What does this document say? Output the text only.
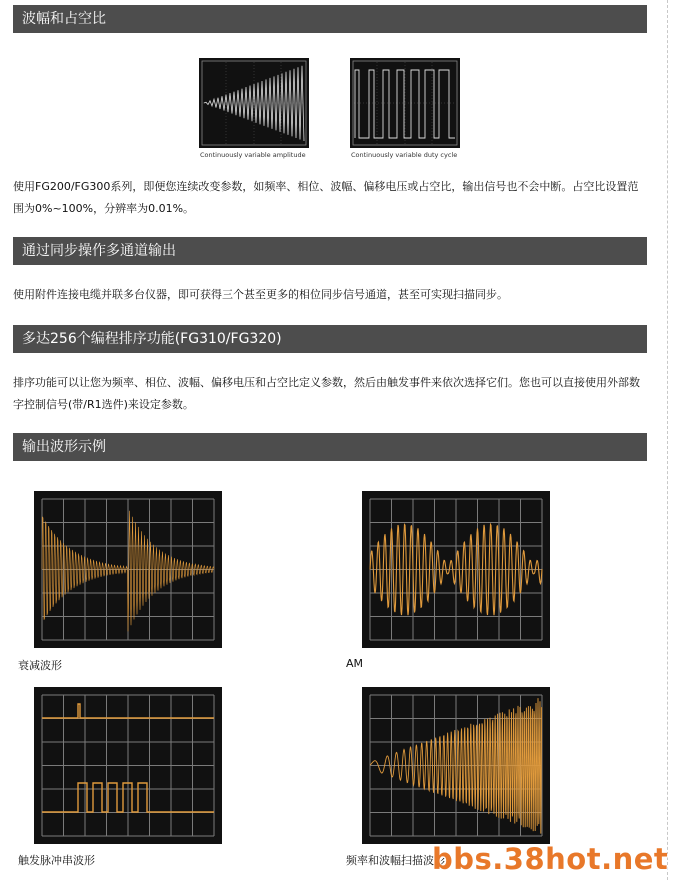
波幅和占空比
Continuously variable amplitude	Continuously variable duty cycle
使用FG200/FG300系列，即便您连续改变参数，如频率、相位、波幅、偏移电压或占空比，输出信号也不会中断。占空比设置范围为0%~100%，分辨率为0.01%。
通过同步操作多通道输出
使用附件连接电缆并联多台仪器，即可获得三个甚至更多的相位同步信号通道，甚至可实现扫描同步。
多达256个编程排序功能(FG310/FG320)
排序功能可以让您为频率、相位、波幅、偏移电压和占空比定义参数，然后由触发事件来依次选择它们。您也可以直接使用外部数字控制信号(带/R1选件)来设定参数。
输出波形示例
衰减波形	AM
触发脉冲串波形	频率和波幅扫描波形
bbs.38hot.net
